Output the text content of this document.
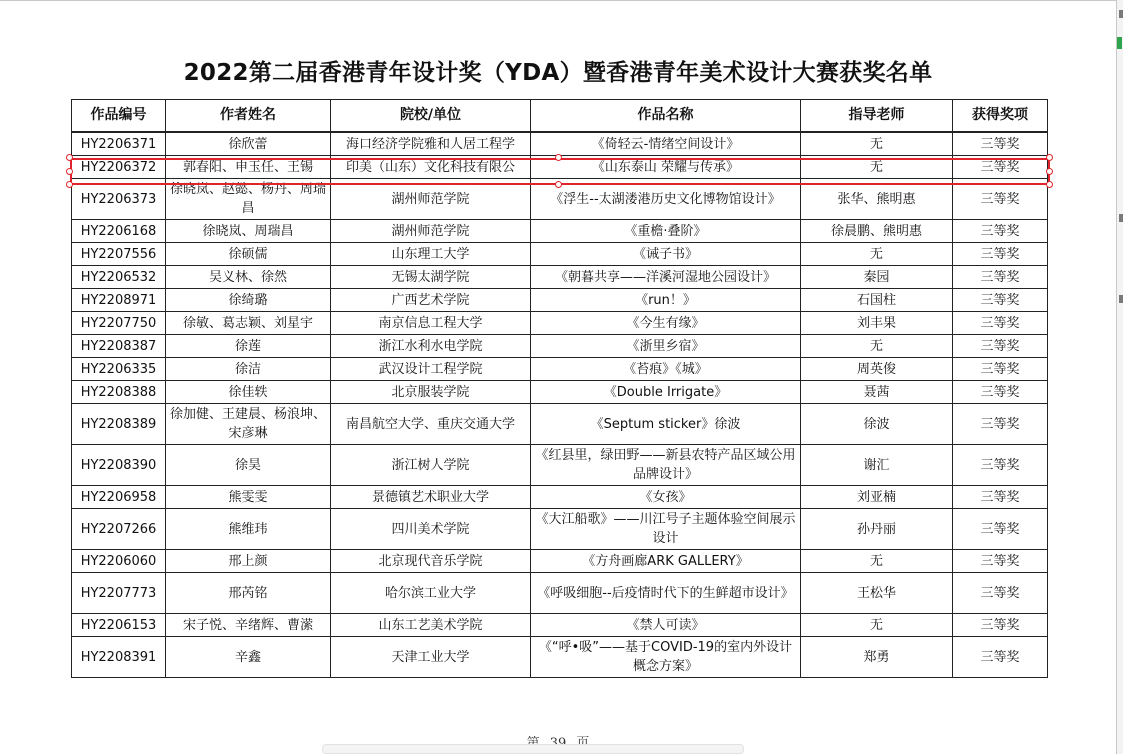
2022第二届香港青年设计奖（YDA）暨香港青年美术设计大赛获奖名单
作品编号	作者姓名	院校/单位	作品名称	指导老师	获得奖项
HY2206371	徐欣蕾	海口经济学院雅和人居工程学	《倚轻云-情绪空间设计》	无	三等奖
HY2206372	郭春阳、申玉任、王锡	印美（山东）文化科技有限公	《山东泰山 荣耀与传承》	无	三等奖
HY2206373	徐晓岚、赵懿、杨丹、周瑞昌	湖州师范学院	《浮生--太湖溇港历史文化博物馆设计》	张华、熊明惠	三等奖
HY2206168	徐晓岚、周瑞昌	湖州师范学院	《重檐·叠阶》	徐晨鹏、熊明惠	三等奖
HY2207556	徐硕儒	山东理工大学	《诫子书》	无	三等奖
HY2206532	吴义林、徐然	无锡太湖学院	《朝暮共享——洋溪河湿地公园设计》	秦园	三等奖
HY2208971	徐绮璐	广西艺术学院	《run！》	石国柱	三等奖
HY2207750	徐敏、葛志颖、刘星宇	南京信息工程大学	《今生有缘》	刘丰果	三等奖
HY2208387	徐莲	浙江水利水电学院	《浙里乡宿》	无	三等奖
HY2206335	徐洁	武汉设计工程学院	《苔痕》《城》	周英俊	三等奖
HY2208388	徐佳轶	北京服装学院	《Double Irrigate》	聂茜	三等奖
HY2208389	徐加健、王建晨、杨浪坤、宋彦琳	南昌航空大学、重庆交通大学	《Septum sticker》徐波	徐波	三等奖
HY2208390	徐昊	浙江树人学院	《红县里，绿田野——新县农特产品区域公用品牌设计》	谢汇	三等奖
HY2206958	熊雯雯	景德镇艺术职业大学	《女孩》	刘亚楠	三等奖
HY2207266	熊维玮	四川美术学院	《大江船歌》——川江号子主题体验空间展示设计	孙丹丽	三等奖
HY2206060	邢上颜	北京现代音乐学院	《方舟画廊ARK GALLERY》	无	三等奖
HY2207773	邢芮铭	哈尔滨工业大学	《呼吸细胞--后疫情时代下的生鲜超市设计》	王松华	三等奖
HY2206153	宋子悦、辛绪辉、曹潆	山东工艺美术学院	《禁人可读》	无	三等奖
HY2208391	辛鑫	天津工业大学	《“呼•吸”——基于COVID-19的室内外设计概念方案》	郑勇	三等奖
